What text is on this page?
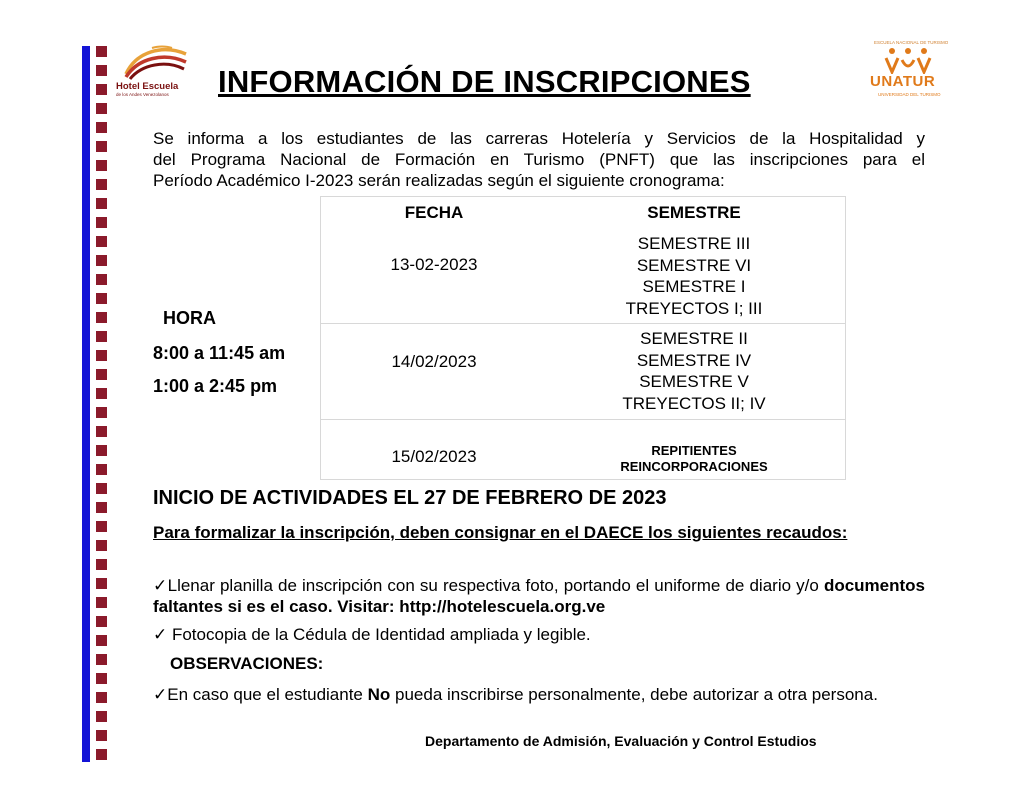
Hotel Escuela
de los Andes Venezolanos
ESCUELA NACIONAL DE TURISMO
UNATUR
UNIVERSIDAD DEL TURISMO
INFORMACIÓN DE INSCRIPCIONES
Se informa a los estudiantes de las carreras Hotelería y Servicios de la Hospitalidad y
del Programa Nacional de Formación en Turismo (PNFT) que las inscripciones para el
Período Académico I-2023 serán realizadas según el siguiente cronograma:
HORA
8:00 a 11:45 am
1:00 a 2:45 pm
FECHA	SEMESTRE
13-02-2023
SEMESTRE III
SEMESTRE VI
SEMESTRE I
TREYECTOS I; III
14/02/2023
SEMESTRE II
SEMESTRE IV
SEMESTRE V
TREYECTOS II; IV
15/02/2023	REPITIENTES
REINCORPORACIONES
INICIO DE ACTIVIDADES EL 27 DE FEBRERO DE 2023
Para formalizar la inscripción, deben consignar en el DAECE los siguientes recaudos:
✓Llenar planilla de inscripción con su respectiva foto, portando el uniforme de diario y/o documentos faltantes si es el caso. Visitar: http://hotelescuela.org.ve
✓ Fotocopia de la Cédula de Identidad ampliada y legible.
OBSERVACIONES:
✓En caso que el estudiante No pueda inscribirse personalmente, debe autorizar a otra persona.
Departamento de Admisión, Evaluación y Control Estudios
